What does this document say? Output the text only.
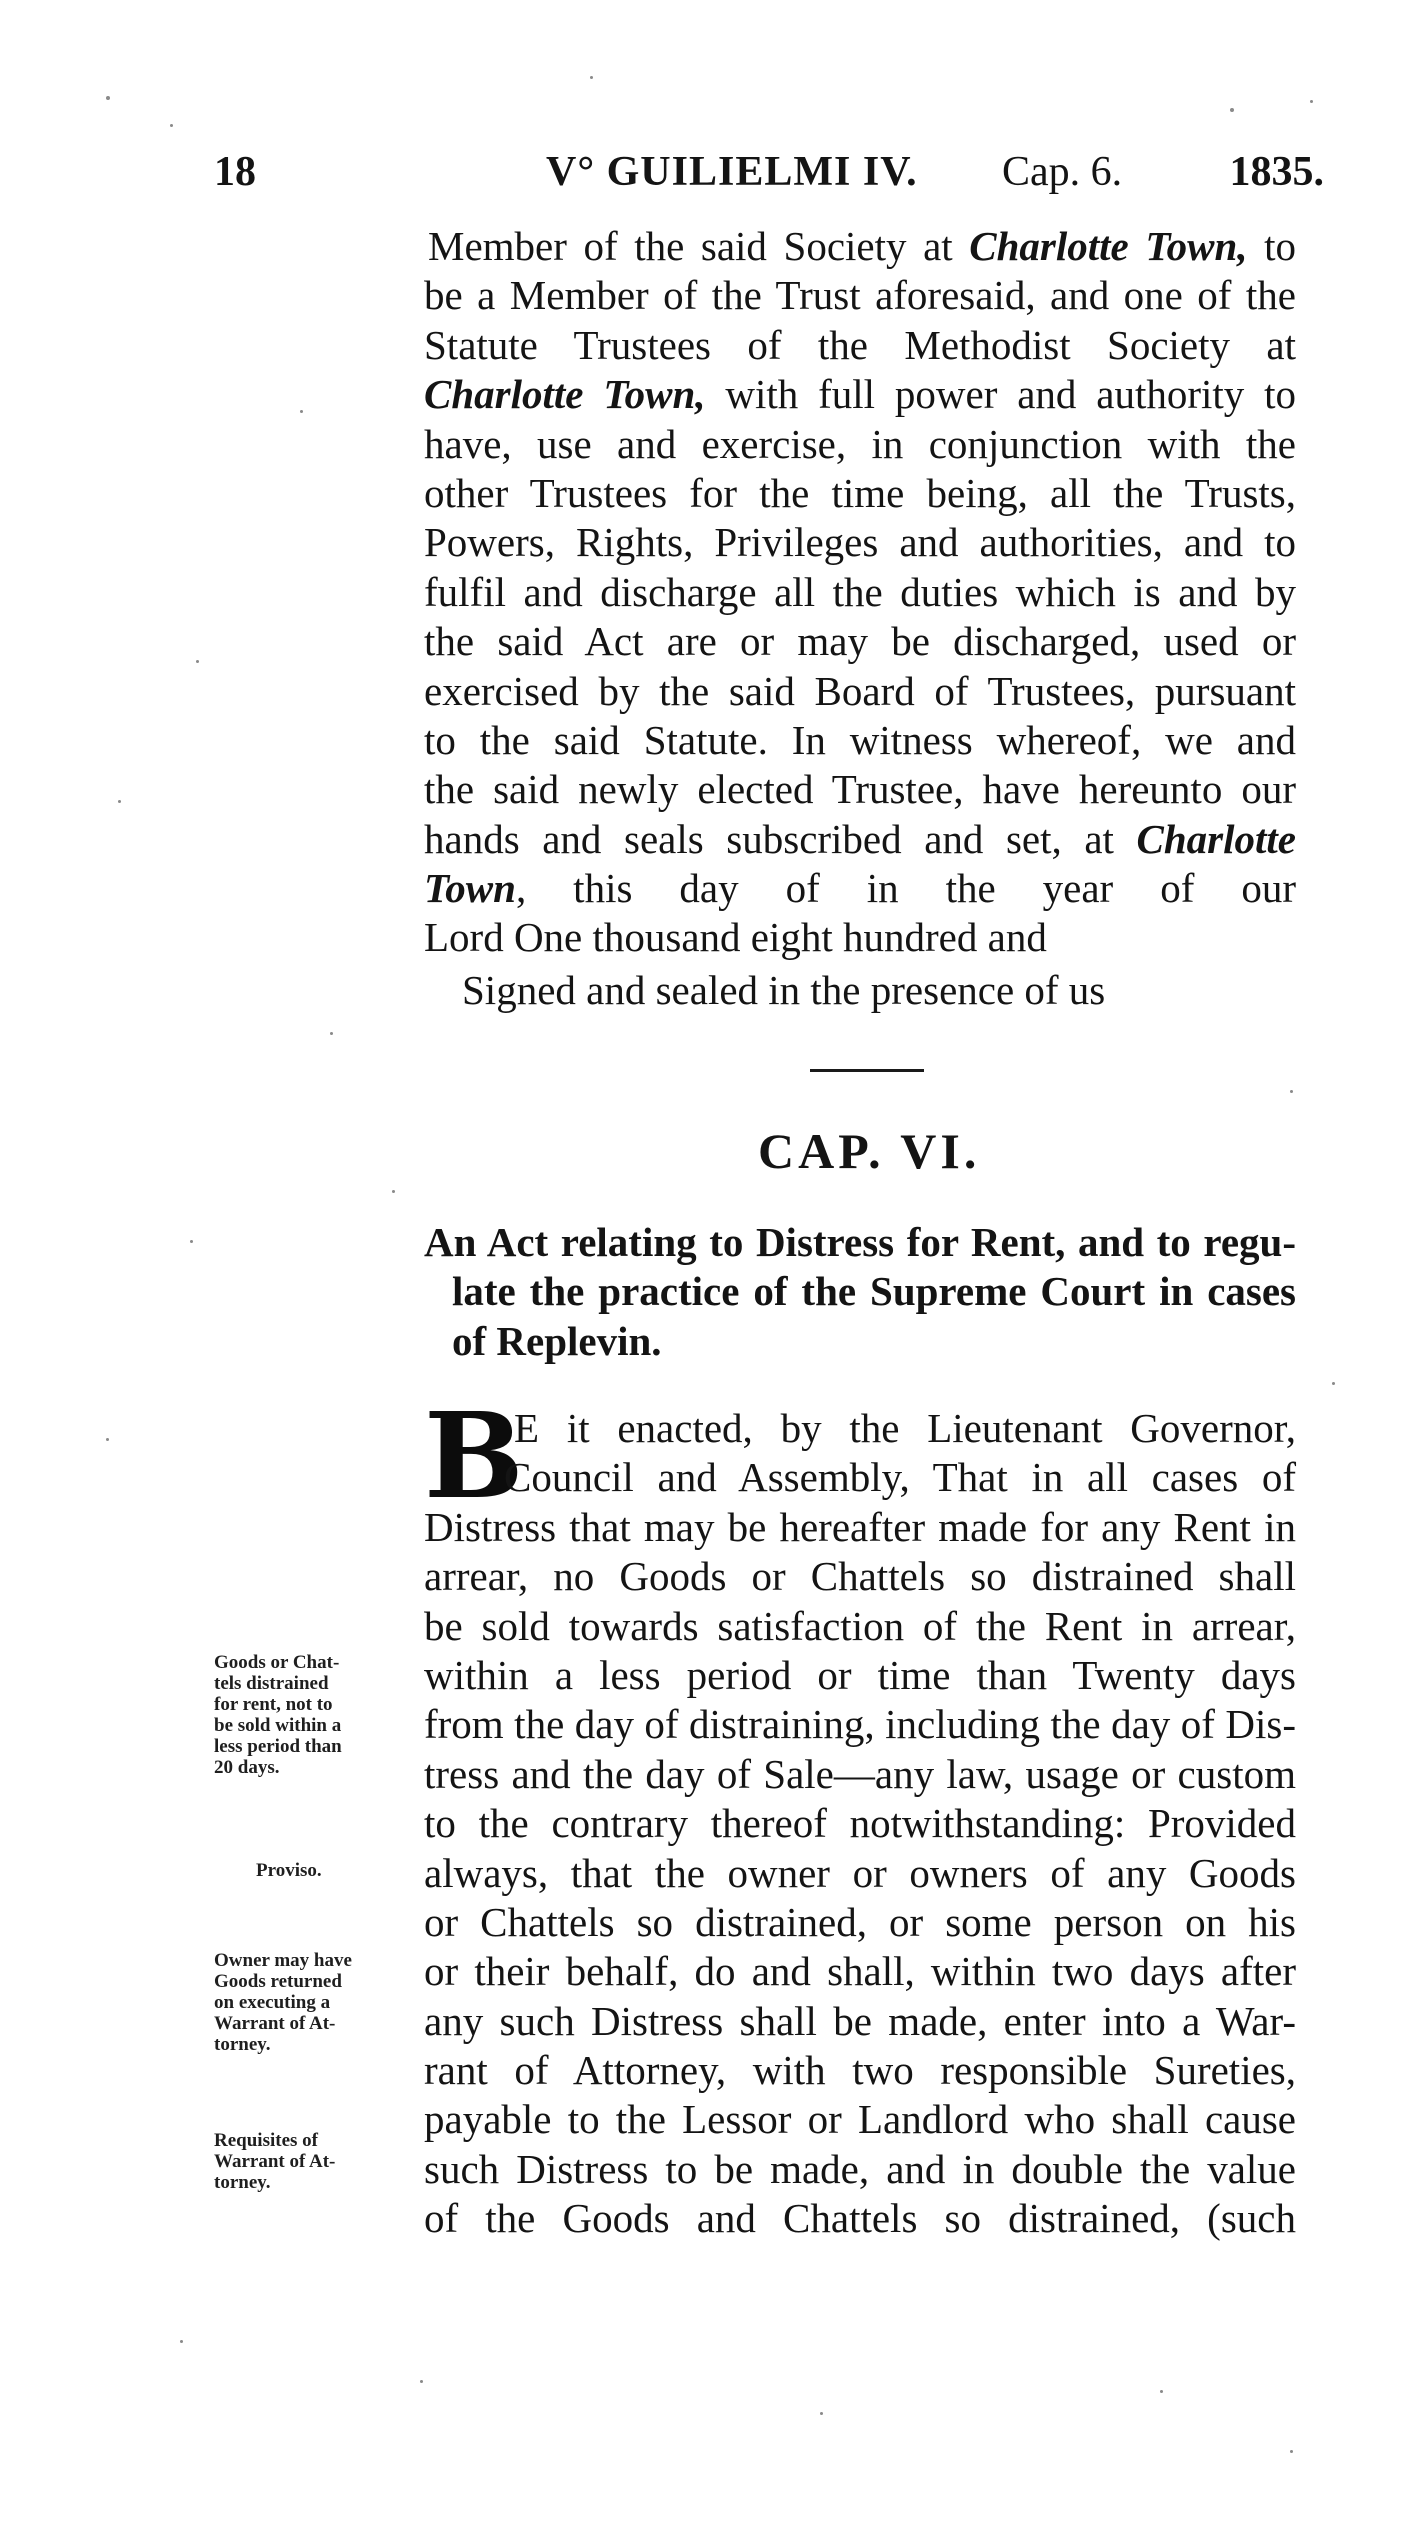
18	V° GUILIELMI IV. Cap. 6.	1835.
Member of the said Society at Charlotte Town, to
be a Member of the Trust aforesaid, and one of the
Statute Trustees of the Methodist Society at
Charlotte Town, with full power and authority to
have, use and exercise, in conjunction with the
other Trustees for the time being, all the Trusts,
Powers, Rights, Privileges and authorities, and to
fulfil and discharge all the duties which is and by
the said Act are or may be discharged, used or
exercised by the said Board of Trustees, pursuant
to the said Statute. In witness whereof, we and
the said newly elected Trustee, have hereunto our
hands and seals subscribed and set, at Charlotte
Town, this day of in the year of our
Lord One thousand eight hundred and
Signed and sealed in the presence of us
CAP. VI.
An Act relating to Distress for Rent, and to regu-
late the practice of the Supreme Court in cases
of Replevin.
B
E it enacted, by the Lieutenant Governor,
Council and Assembly, That in all cases of
Distress that may be hereafter made for any Rent in
arrear, no Goods or Chattels so distrained shall
be sold towards satisfaction of the Rent in arrear,
within a less period or time than Twenty days
from the day of distraining, including the day of Dis-
tress and the day of Sale—any law, usage or custom
to the contrary thereof notwithstanding: Provided
always, that the owner or owners of any Goods
or Chattels so distrained, or some person on his
or their behalf, do and shall, within two days after
any such Distress shall be made, enter into a War-
rant of Attorney, with two responsible Sureties,
payable to the Lessor or Landlord who shall cause
such Distress to be made, and in double the value
of the Goods and Chattels so distrained, (such
Goods or Chat-
tels distrained
for rent, not to
be sold within a
less period than
20 days.
Proviso.
Owner may have
Goods returned
on executing a
Warrant of At-
torney.
Requisites of
Warrant of At-
torney.
